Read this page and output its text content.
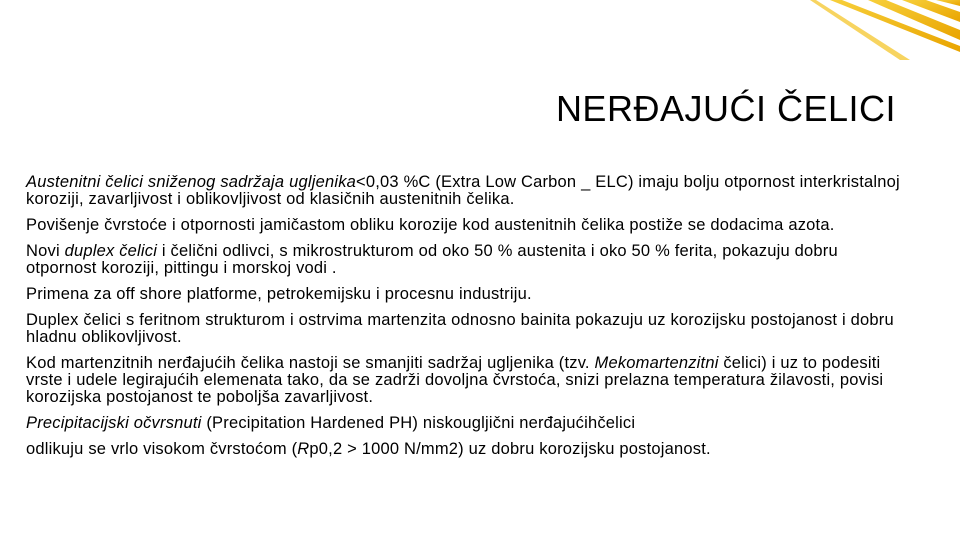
NERĐAJUĆI ČELICI

Austenitni čelici sniženog sadržaja ugljenika<0,03 %C (Extra Low Carbon _ ELC) imaju bolju otpornost interkristalnoj koroziji, zavarljivost i oblikovljivost od klasičnih austenitnih čelika.

Povišenje čvrstoće i otpornosti jamičastom obliku korozije kod austenitnih čelika postiže se dodacima azota.

Novi duplex čelici i čelični odlivci, s mikrostrukturom od oko 50 % austenita i oko 50 % ferita, pokazuju dobru otpornost koroziji, pittingu i morskoj vodi .

Primena za off shore platforme, petrokemijsku i procesnu industriju.

Duplex čelici s feritnom strukturom i ostrvima martenzita odnosno bainita pokazuju uz korozijsku postojanost i dobru hladnu oblikovljivost.

Kod martenzitnih nerđajućih čelika nastoji se smanjiti sadržaj ugljenika (tzv. Mekomartenzitni čelici) i uz to podesiti vrste i udele legirajućih elemenata tako, da se zadrži dovoljna čvrstoća, snizi prelazna temperatura žilavosti, povisi korozijska postojanost te poboljša zavarljivost.

Precipitacijski očvrsnuti (Precipitation Hardened PH) niskougljični nerđajućihčelici

odlikuju se vrlo visokom čvrstoćom (Rp0,2 > 1000 N/mm2) uz dobru korozijsku postojanost.
